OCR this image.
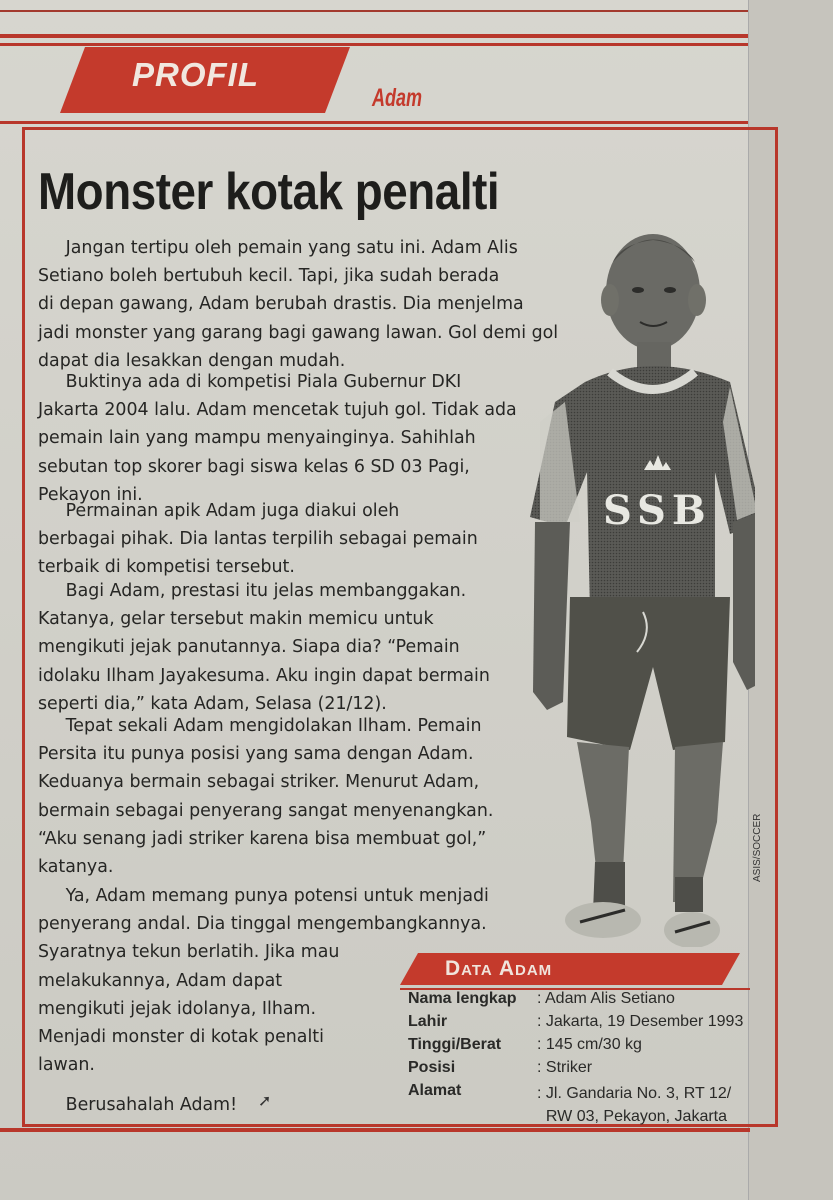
PROFIL
Adam
Monster kotak penalti
Jangan tertipu oleh pemain yang satu ini. Adam Alis
Setiano boleh bertubuh kecil. Tapi, jika sudah berada
di depan gawang, Adam berubah drastis. Dia menjelma
jadi monster yang garang bagi gawang lawan. Gol demi gol
dapat dia lesakkan dengan mudah.
Buktinya ada di kompetisi Piala Gubernur DKI
Jakarta 2004 lalu. Adam mencetak tujuh gol. Tidak ada
pemain lain yang mampu menyainginya. Sahihlah
sebutan top skorer bagi siswa kelas 6 SD 03 Pagi,
Pekayon ini.
Permainan apik Adam juga diakui oleh
berbagai pihak. Dia lantas terpilih sebagai pemain
terbaik di kompetisi tersebut.
Bagi Adam, prestasi itu jelas membanggakan.
Katanya, gelar tersebut makin memicu untuk
mengikuti jejak panutannya. Siapa dia? “Pemain
idolaku Ilham Jayakesuma. Aku ingin dapat bermain
seperti dia,” kata Adam, Selasa (21/12).
Tepat sekali Adam mengidolakan Ilham. Pemain
Persita itu punya posisi yang sama dengan Adam.
Keduanya bermain sebagai striker. Menurut Adam,
bermain sebagai penyerang sangat menyenangkan.
“Aku senang jadi striker karena bisa membuat gol,”
katanya.
Ya, Adam memang punya potensi untuk menjadi
penyerang andal. Dia tinggal mengembangkannya.
Syaratnya tekun berlatih. Jika mau
melakukannya, Adam dapat
mengikuti jejak idolanya, Ilham.
Menjadi monster di kotak penalti
lawan.
Berusahalah Adam! ➚
SSB
ASIS/SOCCER
Data Adam
Nama lengkap : Adam Alis Setiano
Lahir	: Jakarta, 19 Desember 1993
Tinggi/Berat : 145 cm/30 kg
Posisi	: Striker
Alamat	: Jl. Gandaria No. 3, RT 12/
RW 03, Pekayon, Jakarta
